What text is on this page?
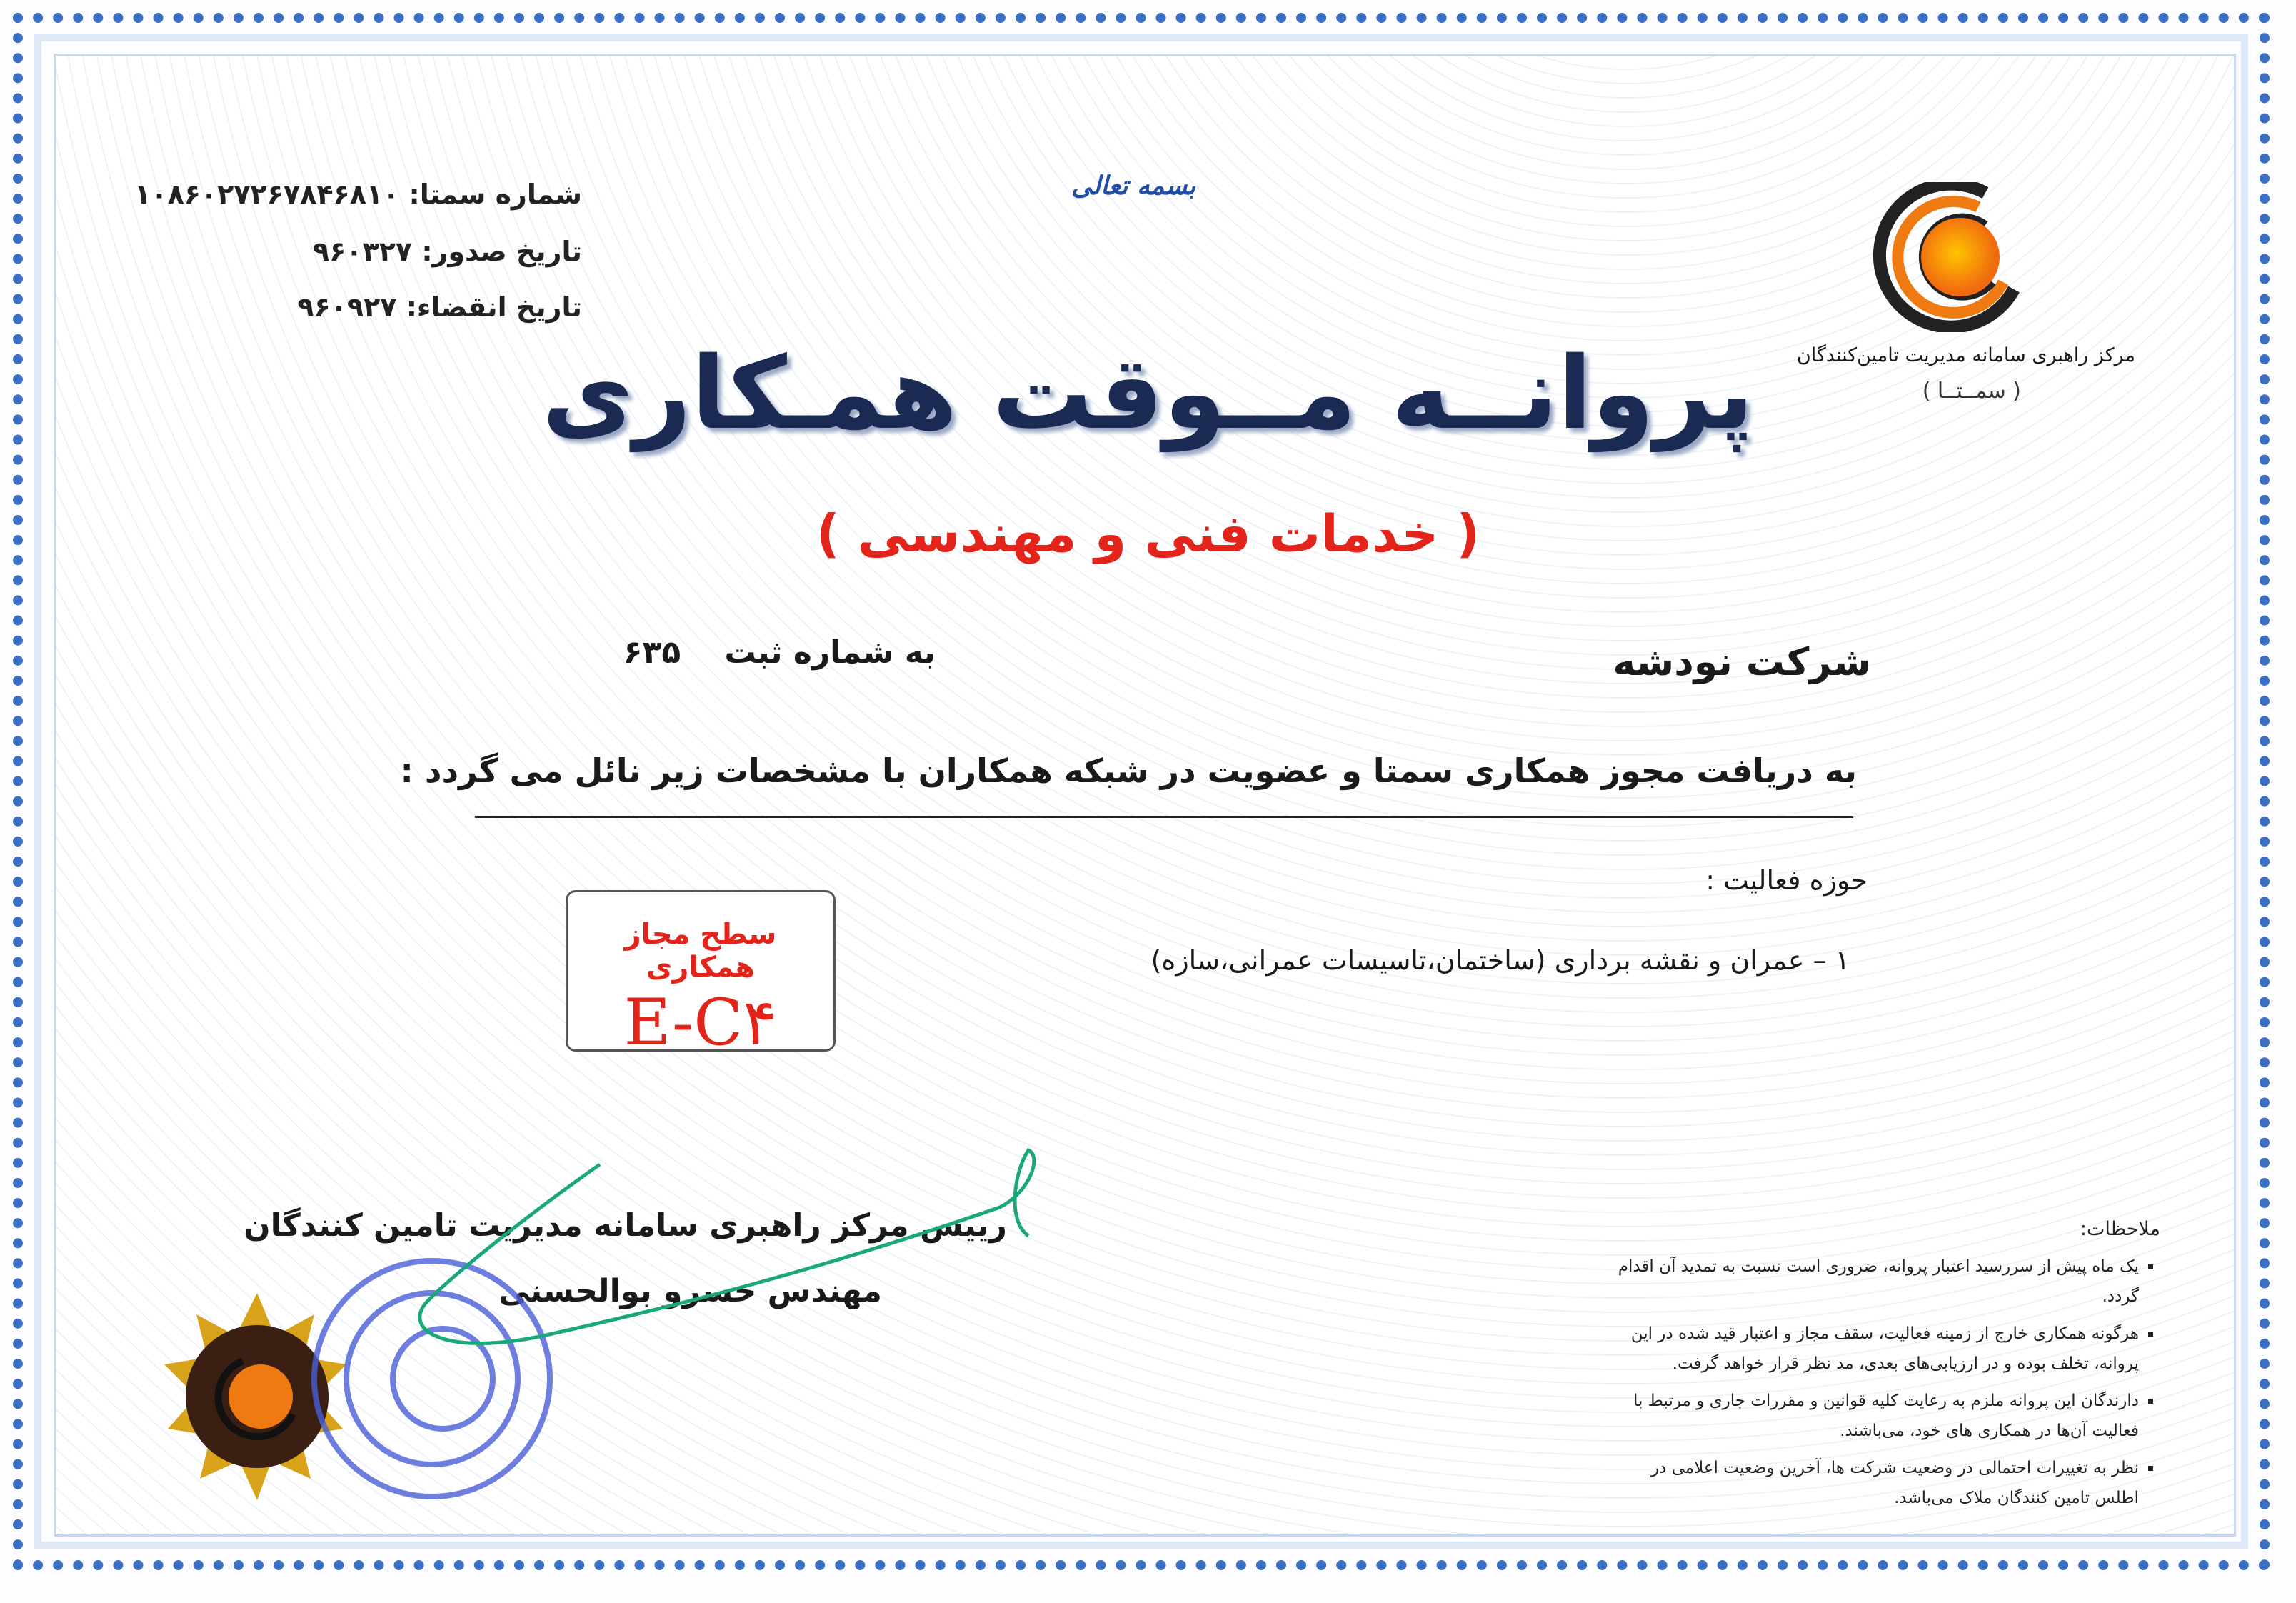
بسمه تعالی
شماره سمتا: ۱۰۸۶۰۲۷۲۶۷۸۴۶۸۱۰
تاریخ صدور: ۹۶۰۳۲۷
تاریخ انقضاء: ۹۶۰۹۲۷
مرکز راهبری سامانه مدیریت تامین‌کنندگان
( سمــتــا )
پروانــه مــوقت همـکاری
( خدمات فنی و مهندسی )
شرکت نودشه
به شماره ثبت    ۶۳۵
به دریافت مجوز همکاری سمتا و عضویت در شبکه همکاران با مشخصات زیر نائل می گردد :
حوزه فعالیت :
۱ – عمران و نقشه برداری (ساختمان،تاسیسات عمرانی،سازه)
سطح مجاز همکاری
E-C۴
رییس مرکز راهبری سامانه مدیریت تامین کنندگان
مهندس خسرو بوالحسنی
ملاحظات:
▪ یک ماه پیش از سررسید اعتبار پروانه، ضروری است نسبت به تمدید آن اقدام گردد.
▪ هرگونه همکاری خارج از زمینه فعالیت، سقف مجاز و اعتبار قید شده در این پروانه، تخلف بوده و در ارزیابی‌های بعدی، مد نظر قرار خواهد گرفت.
▪ دارندگان این پروانه ملزم به رعایت کلیه قوانین و مقررات جاری و مرتبط با فعالیت آن‌ها در همکاری های خود، می‌باشند.
▪ نظر به تغییرات احتمالی در وضعیت شرکت ها، آخرین وضعیت اعلامی در اطلس تامین کنندگان ملاک می‌باشد.
